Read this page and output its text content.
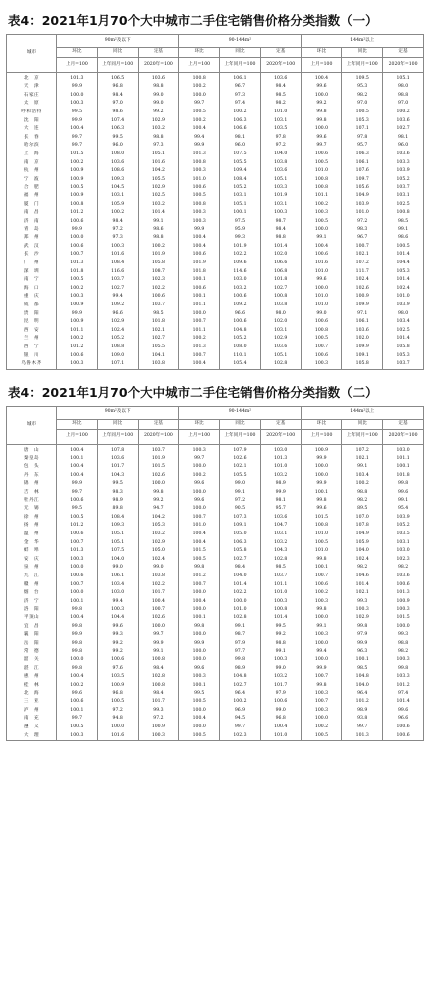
表4：2021年1月70个大中城市二手住宅销售价格分类指数（一）
城市	90m²及以下			90-144m²			144m²以上		
	环比	同比	定基	环比	同比	定基	环比	同比	定基
	上月=100	上年同月=100	2020年=100	上月=100	上年同月=100	2020年=100	上月=100	上年同月=100	2020年=100
北　京	101.3	106.5	103.6	100.8	106.1	103.6	100.4	109.5	105.1
天　津	99.9	96.8	98.8	100.2	96.7	98.4	99.6	95.3	98.0
石家庄	100.0	98.4	99.0	100.0	97.3	98.5	100.0	98.2	98.8
太　原	100.3	97.0	99.0	99.7	97.4	98.2	99.2	97.0	97.0
呼和浩特	99.5	98.6	99.2	100.5	100.2	101.0	99.8	100.5	100.2
沈　阳	99.9	107.4	102.9	100.2	106.3	103.1	99.8	105.3	103.6
大　连	100.4	106.3	103.2	100.4	106.6	103.5	100.0	107.1	102.7
长　春	99.7	99.5	98.8	99.4	98.1	97.8	99.6	97.8	98.1
哈尔滨	99.7	96.0	97.3	99.9	96.0	97.2	99.7	95.7	96.0
上　海	101.5	108.0	105.1	101.3	107.5	104.0	100.6	106.3	103.6
南　京	100.2	103.6	101.6	100.8	105.5	103.8	100.5	106.1	103.3
杭　州	100.9	108.6	104.2	100.3	109.4	103.6	101.0	107.6	103.9
宁　波	100.9	109.3	105.5	101.0	108.4	105.1	100.8	109.7	105.2
合　肥	100.5	104.5	102.9	100.6	105.2	103.3	100.8	105.6	103.7
福　州	100.9	103.1	102.5	100.5	103.1	101.9	101.1	104.9	103.1
厦　门	100.8	105.9	103.2	100.8	105.1	103.1	100.2	103.9	102.5
南　昌	101.2	100.2	101.4	100.3	100.1	100.3	100.3	101.0	100.8
济　南	100.6	98.4	99.1	100.3	97.5	98.7	100.5	97.2	98.5
青　岛	99.9	97.2	98.6	99.9	95.9	98.4	100.0	98.3	99.1
郑　州	100.0	97.3	98.8	100.4	99.3	98.8	99.1	96.7	98.6
武　汉	100.6	100.3	100.2	100.4	101.9	101.4	100.4	100.7	100.5
长　沙	100.7	101.6	101.9	100.6	102.2	102.0	100.6	102.1	101.4
广　州	101.3	108.4	105.8	101.9	109.6	106.6	101.6	107.2	104.4
深　圳	101.8	116.6	108.7	101.8	114.6	106.8	101.0	111.7	105.3
南　宁	100.5	103.7	102.3	100.1	103.0	101.8	99.6	102.4	101.4
海　口	100.2	102.7	102.2	100.6	103.2	102.7	100.0	102.6	102.4
重　庆	100.3	99.4	100.6	100.1	100.6	100.8	101.0	100.9	101.0
成　都	100.9	109.2	103.7	101.1	109.2	103.8	101.0	109.9	103.9
贵　阳	99.9	96.6	98.5	100.0	96.6	98.0	99.0	97.1	98.0
昆　明	100.9	102.9	101.8	100.7	100.6	102.0	100.6	106.1	103.4
西　安	101.1	102.4	102.1	101.1	104.8	103.1	100.8	103.6	102.5
兰　州	100.2	105.2	102.7	100.2	105.2	102.9	100.5	102.0	101.4
西　宁	101.2	108.8	105.5	101.3	108.0	103.6	100.7	109.9	105.8
银　川	100.6	109.0	104.1	100.7	110.1	105.1	100.6	109.1	105.3
乌鲁木齐	100.3	107.1	103.8	100.4	105.4	102.8	100.3	105.8	103.7
表4：2021年1月70个大中城市二手住宅销售价格分类指数（二）
城市	90m²及以下			90-144m²			144m²以上		
	环比	同比	定基	环比	同比	定基	环比	同比	定基
	上月=100	上年同月=100	2020年=100	上月=100	上年同月=100	2020年=100	上月=100	上年同月=100	2020年=100
唐　山	100.4	107.8	103.7	100.3	107.9	103.0	100.9	107.2	103.0
秦皇岛	100.1	103.6	101.9	99.7	102.6	101.3	99.9	102.1	101.1
包　头	100.4	101.7	101.5	100.0	102.1	101.0	100.0	99.1	100.1
丹　东	100.4	104.3	102.6	100.2	105.5	103.2	100.0	103.4	101.8
锦　州	99.9	99.5	100.0	99.6	99.0	98.9	99.9	100.2	99.8
吉　林	99.7	98.3	99.8	100.0	99.1	99.9	100.1	98.8	99.6
牡丹江	100.6	98.9	99.2	99.6	97.2	98.1	99.8	98.2	99.1
无　锡	99.5	89.8	94.7	100.0	90.5	95.7	99.6	89.5	95.4
徐　州	100.5	108.4	104.2	100.7	107.3	103.6	101.5	107.0	103.9
扬　州	101.2	109.3	105.3	101.0	109.1	104.7	100.8	107.8	105.2
温　州	100.6	105.1	103.2	100.4	105.0	103.1	101.0	104.9	103.5
金　华	100.7	105.1	102.9	100.4	106.3	103.2	100.5	105.9	103.1
蚌　埠	101.3	107.5	105.0	101.5	105.8	104.3	101.0	104.0	103.0
安　庆	100.3	104.0	102.4	100.5	102.7	102.8	99.8	102.4	102.3
泉　州	100.0	99.0	99.0	99.8	98.4	98.5	100.1	98.2	98.2
九　江	100.6	106.1	103.8	101.2	104.0	103.7	100.7	104.6	103.6
赣　州	100.7	103.4	102.2	100.7	101.4	101.1	100.6	101.4	100.6
烟　台	100.0	103.0	101.7	100.0	102.2	101.0	100.2	102.1	101.3
济　宁	100.1	99.4	100.4	100.4	100.0	100.3	100.3	99.3	100.9
洛　阳	99.8	100.3	100.7	100.0	101.0	100.8	99.8	100.3	100.3
平顶山	100.4	104.4	102.6	100.1	102.8	101.4	100.0	102.9	101.5
宜　昌	99.8	99.6	100.0	99.8	99.1	99.5	99.1	99.8	100.0
襄　阳	99.9	99.3	99.7	100.0	98.7	99.2	100.3	97.9	99.3
岳　阳	99.8	99.2	99.9	99.9	97.9	98.8	100.0	99.9	98.8
常　德	99.8	99.2	99.1	100.0	97.7	99.1	99.4	96.3	98.2
韶　关	100.0	100.6	100.8	100.0	99.8	100.3	100.0	100.1	100.3
湛　江	99.8	97.6	98.4	99.6	98.9	99.0	99.9	98.5	99.8
惠　州	100.4	103.5	102.8	100.3	104.8	103.2	100.7	104.8	103.3
桂　林	100.2	100.9	100.8	100.1	102.7	101.7	99.8	104.0	101.2
北　海	99.6	96.8	98.4	99.5	96.4	97.9	100.3	96.4	97.4
三　亚	100.6	100.5	101.7	100.5	100.2	100.6	100.7	101.2	101.4
泸　州	100.1	97.2	99.3	100.0	96.9	99.0	100.3	98.9	99.6
南　充	99.7	94.8	97.2	100.4	94.5	96.8	100.0	93.8	96.6
遵　义	100.5	100.0	100.9	100.0	99.7	100.4	100.2	99.7	100.6
大　理	100.3	101.6	100.3	100.5	102.3	101.0	100.5	101.3	100.6
